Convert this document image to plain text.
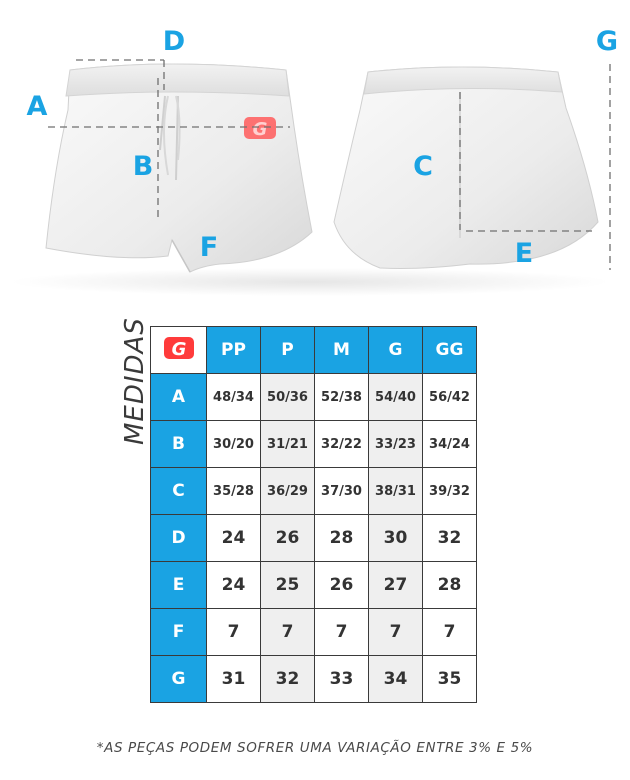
G
A
B	C
D
E
F
G
MEDIDAS G	PP	P	M	G	GG
A	48/34	50/36	52/38	54/40	56/42
B	30/20	31/21	32/22	33/23	34/24
C	35/28	36/29	37/30	38/31	39/32
D	24	26	28	30	32
E	24	25	26	27	28
F	7	7	7	7	7
G	31	32	33	34	35
*AS PEÇAS PODEM SOFRER UMA VARIAÇÃO ENTRE 3% E 5%
